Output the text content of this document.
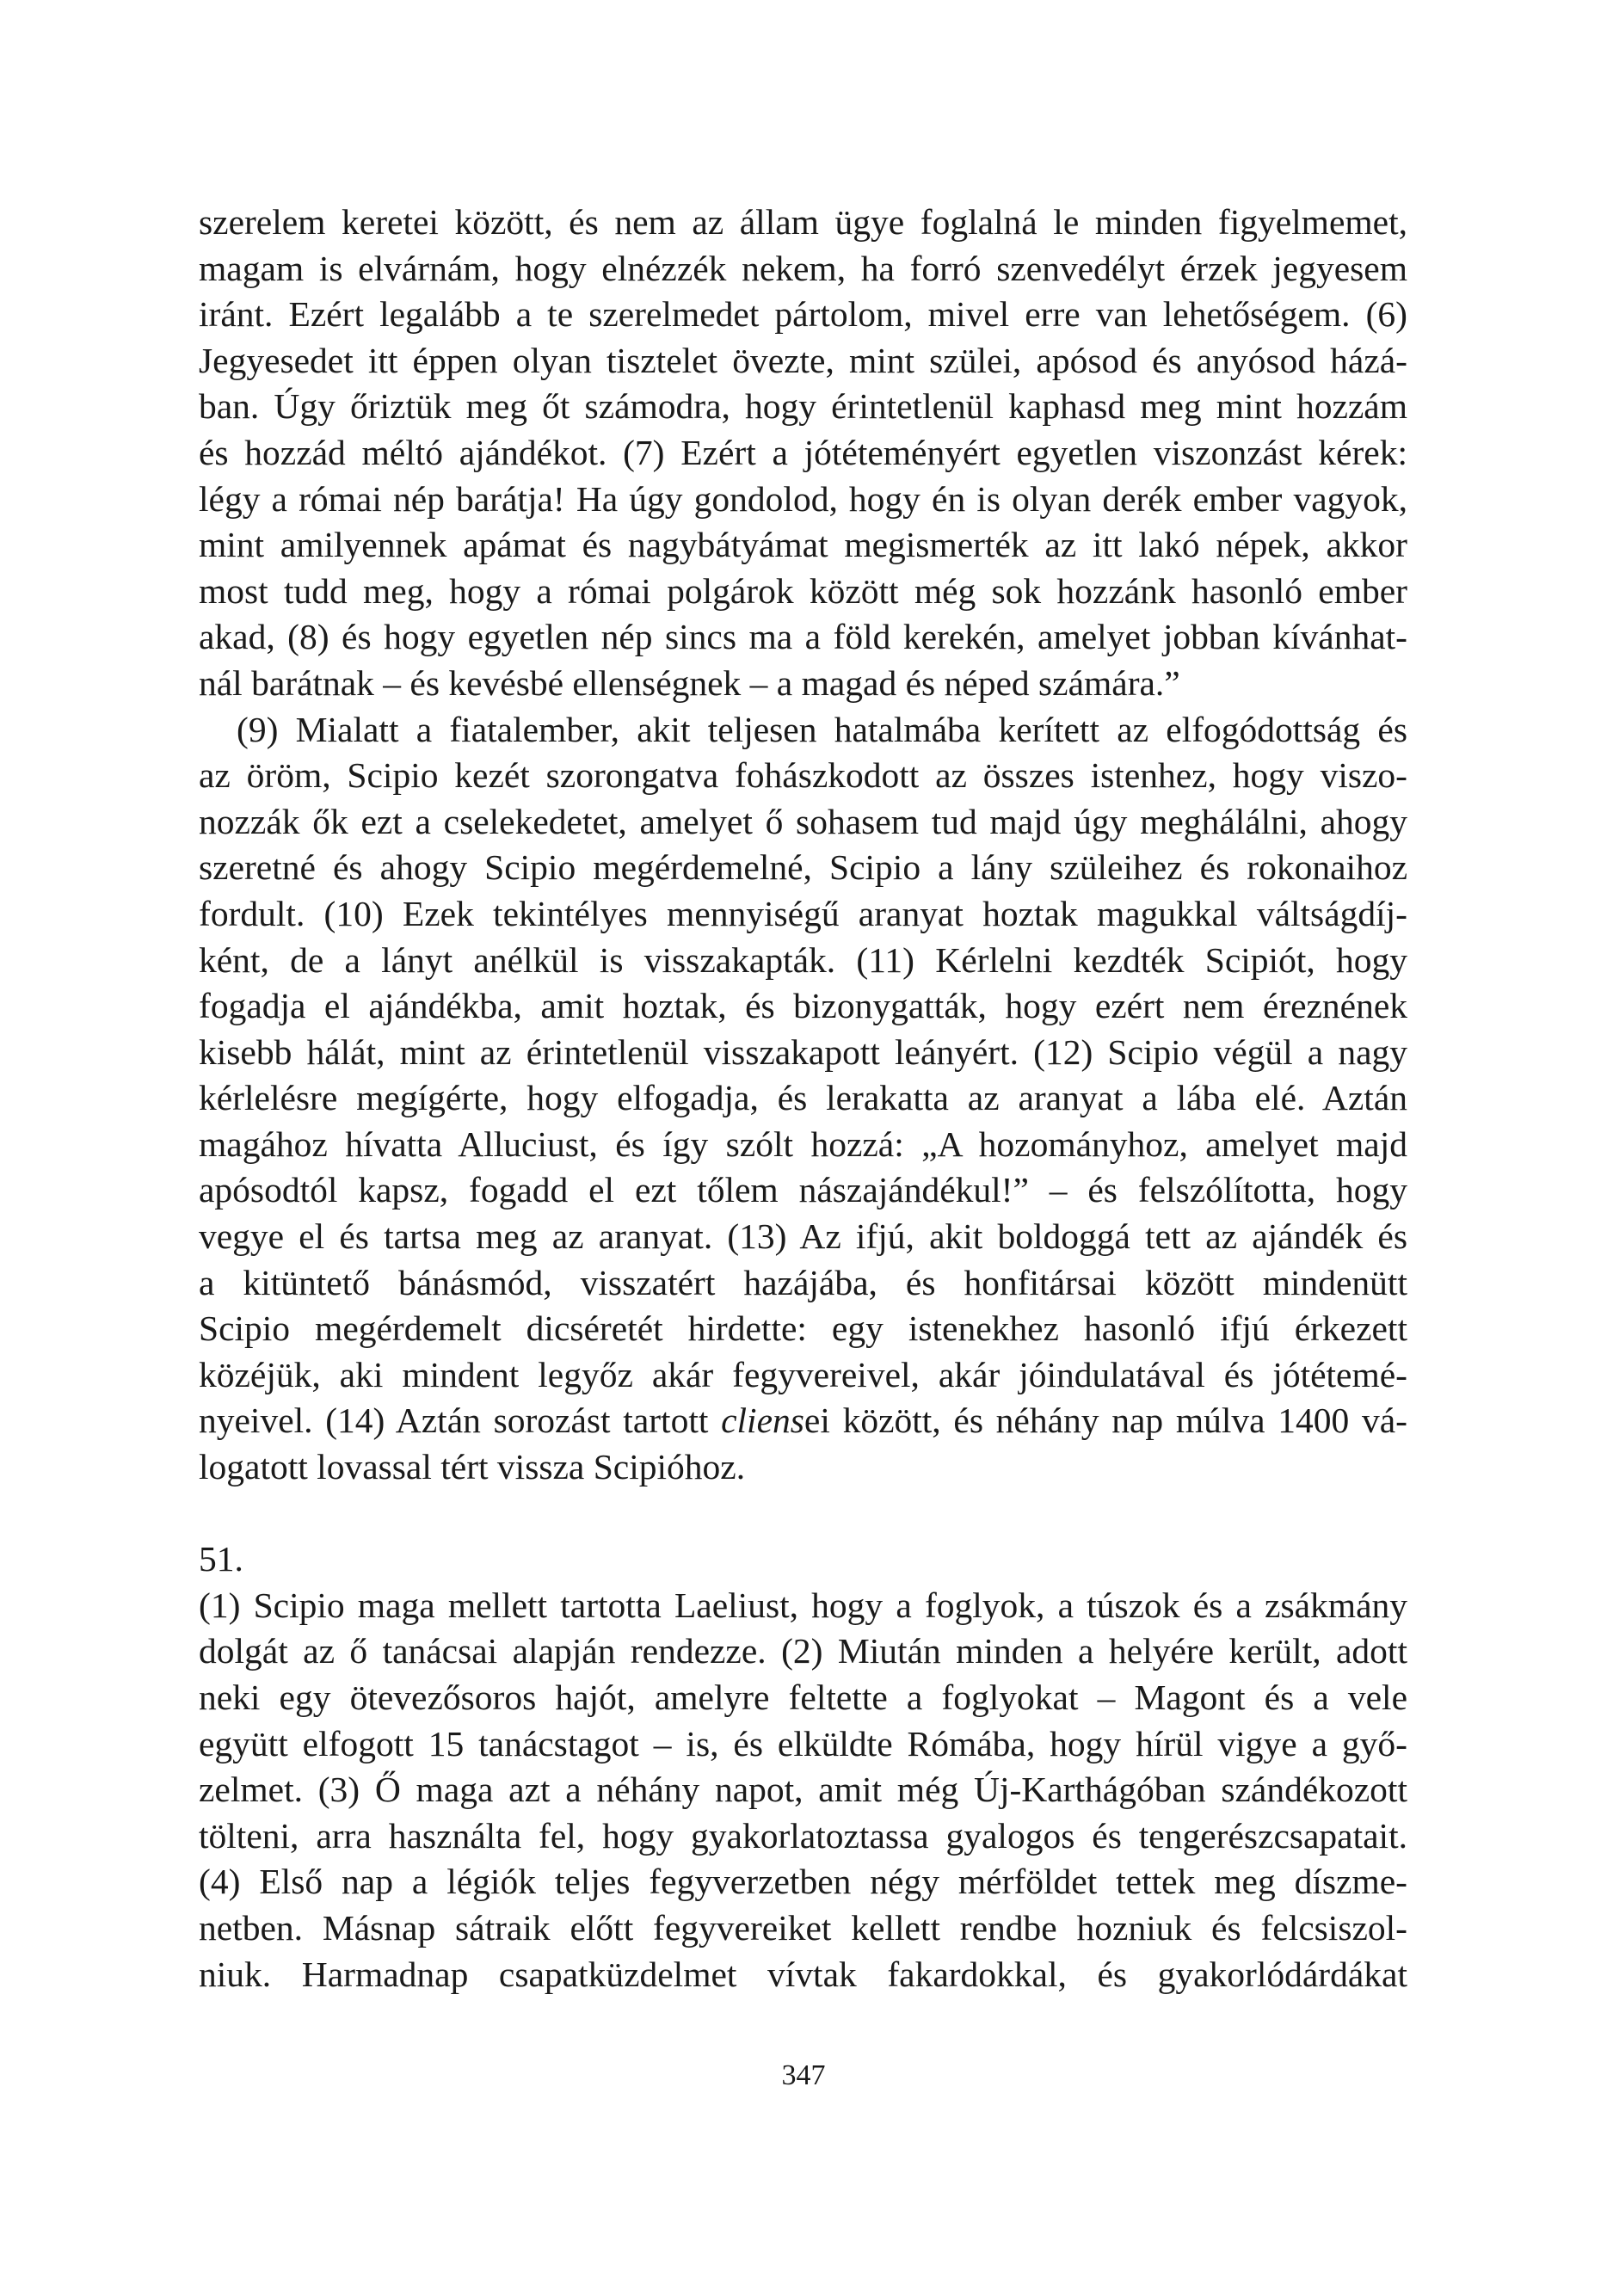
szerelem keretei között, és nem az állam ügye foglalná le minden figyelmemet,
magam is elvárnám, hogy elnézzék nekem, ha forró szenvedélyt érzek jegyesem
iránt. Ezért legalább a te szerelmedet pártolom, mivel erre van lehetőségem. (6)
Jegyesedet itt éppen olyan tisztelet övezte, mint szülei, apósod és anyósod házá-
ban. Úgy őriztük meg őt számodra, hogy érintetlenül kaphasd meg mint hozzám
és hozzád méltó ajándékot. (7) Ezért a jótéteményért egyetlen viszonzást kérek:
légy a római nép barátja! Ha úgy gondolod, hogy én is olyan derék ember vagyok,
mint amilyennek apámat és nagybátyámat megismerték az itt lakó népek, akkor
most tudd meg, hogy a római polgárok között még sok hozzánk hasonló ember
akad, (8) és hogy egyetlen nép sincs ma a föld kerekén, amelyet jobban kívánhat-
nál barátnak – és kevésbé ellenségnek – a magad és néped számára.”
(9) Mialatt a fiatalember, akit teljesen hatalmába kerített az elfogódottság és
az öröm, Scipio kezét szorongatva fohászkodott az összes istenhez, hogy viszo-
nozzák ők ezt a cselekedetet, amelyet ő sohasem tud majd úgy meghálálni, ahogy
szeretné és ahogy Scipio megérdemelné, Scipio a lány szüleihez és rokonaihoz
fordult. (10) Ezek tekintélyes mennyiségű aranyat hoztak magukkal váltságdíj-
ként, de a lányt anélkül is visszakapták. (11) Kérlelni kezdték Scipiót, hogy
fogadja el ajándékba, amit hoztak, és bizonygatták, hogy ezért nem éreznének
kisebb hálát, mint az érintetlenül visszakapott leányért. (12) Scipio végül a nagy
kérlelésre megígérte, hogy elfogadja, és lerakatta az aranyat a lába elé. Aztán
magához hívatta Alluciust, és így szólt hozzá: „A hozományhoz, amelyet majd
apósodtól kapsz, fogadd el ezt tőlem nászajándékul!” – és felszólította, hogy
vegye el és tartsa meg az aranyat. (13) Az ifjú, akit boldoggá tett az ajándék és
a kitüntető bánásmód, visszatért hazájába, és honfitársai között mindenütt
Scipio megérdemelt dicséretét hirdette: egy istenekhez hasonló ifjú érkezett
közéjük, aki mindent legyőz akár fegyvereivel, akár jóindulatával és jótétemé-
nyeivel. (14) Aztán sorozást tartott cliensei között, és néhány nap múlva 1400 vá-
logatott lovassal tért vissza Scipióhoz.
51.
(1) Scipio maga mellett tartotta Laeliust, hogy a foglyok, a túszok és a zsákmány
dolgát az ő tanácsai alapján rendezze. (2) Miután minden a helyére került, adott
neki egy ötevezősoros hajót, amelyre feltette a foglyokat – Magont és a vele
együtt elfogott 15 tanácstagot – is, és elküldte Rómába, hogy hírül vigye a győ-
zelmet. (3) Ő maga azt a néhány napot, amit még Új-Karthágóban szándékozott
tölteni, arra használta fel, hogy gyakorlatoztassa gyalogos és tengerészcsapatait.
(4) Első nap a légiók teljes fegyverzetben négy mérföldet tettek meg díszme-
netben. Másnap sátraik előtt fegyvereiket kellett rendbe hozniuk és felcsiszol-
niuk. Harmadnap csapatküzdelmet vívtak fakardokkal, és gyakorlódárdákat
347
